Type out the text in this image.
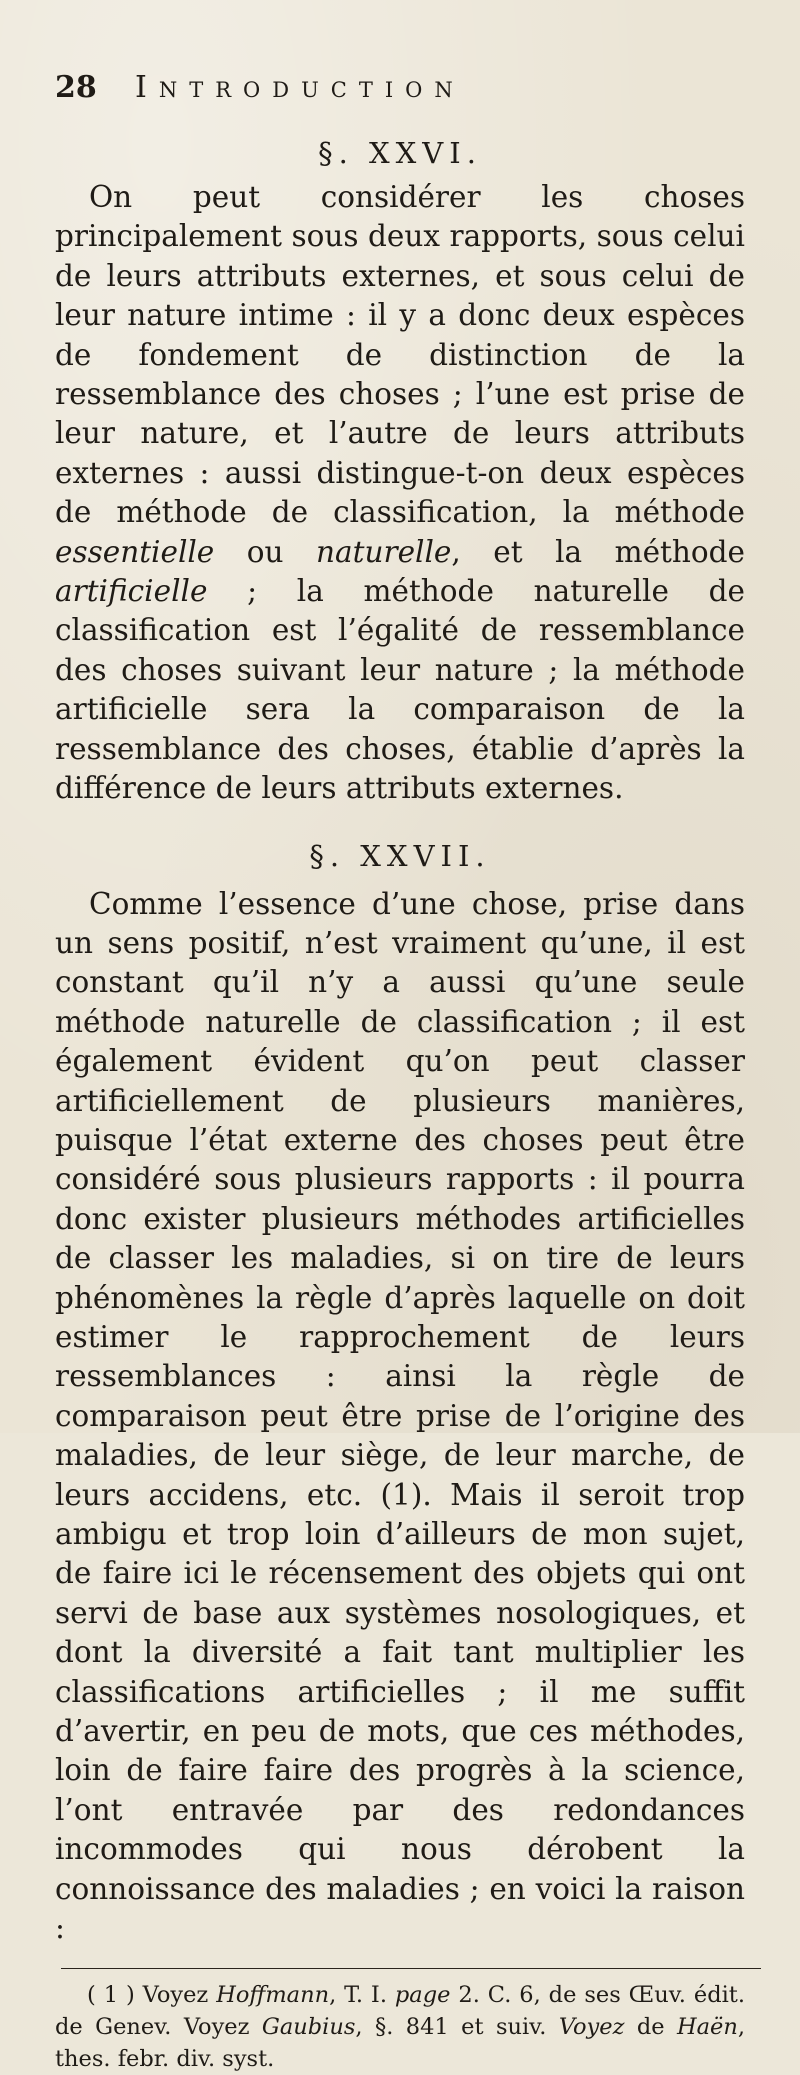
28	Introduction
§. XXVI.

On peut considérer les choses principalement sous deux rapports, sous celui de leurs attributs externes, et sous celui de leur nature intime : il y a donc deux espèces de fondement de distinction de la ressemblance des choses ; l’une est prise de leur nature, et l’autre de leurs attributs externes : aussi distingue-t-on deux espèces de méthode de classification, la méthode essentielle ou naturelle, et la méthode artificielle ; la méthode naturelle de classification est l’égalité de ressemblance des choses suivant leur nature ; la méthode artificielle sera la comparaison de la ressemblance des choses, établie d’après la différence de leurs attributs externes.

§. XXVII.

Comme l’essence d’une chose, prise dans un sens positif, n’est vraiment qu’une, il est constant qu’il n’y a aussi qu’une seule méthode naturelle de classification ; il est également évident qu’on peut classer artificiellement de plusieurs manières, puisque l’état externe des choses peut être considéré sous plusieurs rapports : il pourra donc exister plusieurs méthodes artificielles de classer les maladies, si on tire de leurs phénomènes la règle d’après laquelle on doit estimer le rapprochement de leurs ressemblances : ainsi la règle de comparaison peut être prise de l’origine des maladies, de leur siège, de leur marche, de leurs accidens, etc. (1). Mais il seroit trop ambigu et trop loin d’ailleurs de mon sujet, de faire ici le récensement des objets qui ont servi de base aux systèmes nosologiques, et dont la diversité a fait tant multiplier les classifications artificielles ; il me suffit d’avertir, en peu de mots, que ces méthodes, loin de faire faire des progrès à la science, l’ont entravée par des redondances incommodes qui nous dérobent la connoissance des maladies ; en voici la raison :

( 1 ) Voyez Hoffmann, T. I. page 2. C. 6, de ses Œuv. édit. de Genev. Voyez Gaubius, §. 841 et suiv. Voyez de Haën, thes. febr. div. syst.
